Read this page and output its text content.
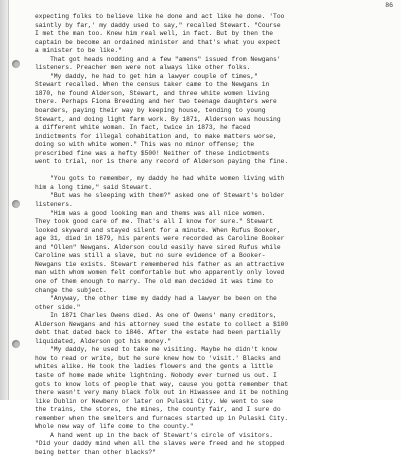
86
expecting folks to believe like he done and act like he done. 'Too
saintly by far,' my daddy used to say," recalled Stewart. "Course
I met the man too. Knew him real well, in fact. But by then the
captain be become an ordained minister and that's what you expect
a minister to be like."
That got heads nodding and a few "amens" issued from Newgans'
listeners. Preacher men were not always like other folks.
"My daddy, he had to get him a lawyer couple of times,"
Stewart recalled. When the census taker came to the Newgans in
1870, he found Alderson, Stewart, and three white women living
there. Perhaps Fiona Breeding and her two teenage daughters were
boarders, paying their way by keeping house, tending to young
Stewart, and doing light farm work. By 1871, Alderson was housing
a different white woman. In fact, twice in 1873, he faced
indictments for illegal cohabitation and, to make matters worse,
doing so with white women." This was no minor offense; the
prescribed fine was a hefty $500! Neither of these indictments
went to trial, nor is there any record of Alderson paying the fine.

"You gots to remember, my daddy he had white women living with
him a long time," said Stewart.
"But was he sleeping with them?" asked one of Stewart's bolder
listeners.
"Him was a good looking man and thems was all nice women.
They took good care of me. That's all I know for sure." Stewart
looked skyward and stayed silent for a minute. When Rufus Booker,
age 31, died in 1879, his parents were recorded as Caroline Booker
and "Ollen" Newgans. Alderson could easily have sired Rufus while
Caroline was still a slave, but no sure evidence of a Booker-
Newgans tie exists. Stewart remembered his father as an attractive
man with whom women felt comfortable but who apparently only loved
one of them enough to marry. The old man decided it was time to
change the subject.
"Anyway, the other time my daddy had a lawyer be been on the
other side."
In 1871 Charles Owens died. As one of Owens' many creditors,
Alderson Newgans and his attorney sued the estate to collect a $100
debt that dated back to 1846. After the estate had been partially
liquidated, Alderson got his money."
"My daddy, he used to take me visiting. Maybe he didn't know
how to read or write, but he sure knew how to 'visit.' Blacks and
whites alike. He took the ladies flowers and the gents a little
taste of home made white lightning. Nobody ever turned us out. I
gots to know lots of people that way, cause you gotta remember that
there wasn't very many black folk out in Hiwassee and it be nothing
like Dublin or Newbern or later on Pulaski City. We went to see
the trains, the stores, the mines, the county fair, and I sure do
remember when the smelters and furnaces started up in Pulaski City.
Whole new way of life come to the county."
A hand went up in the back of Stewart's circle of visitors.
"Did your daddy mind when all the slaves were freed and he stopped
being better than other blacks?"
